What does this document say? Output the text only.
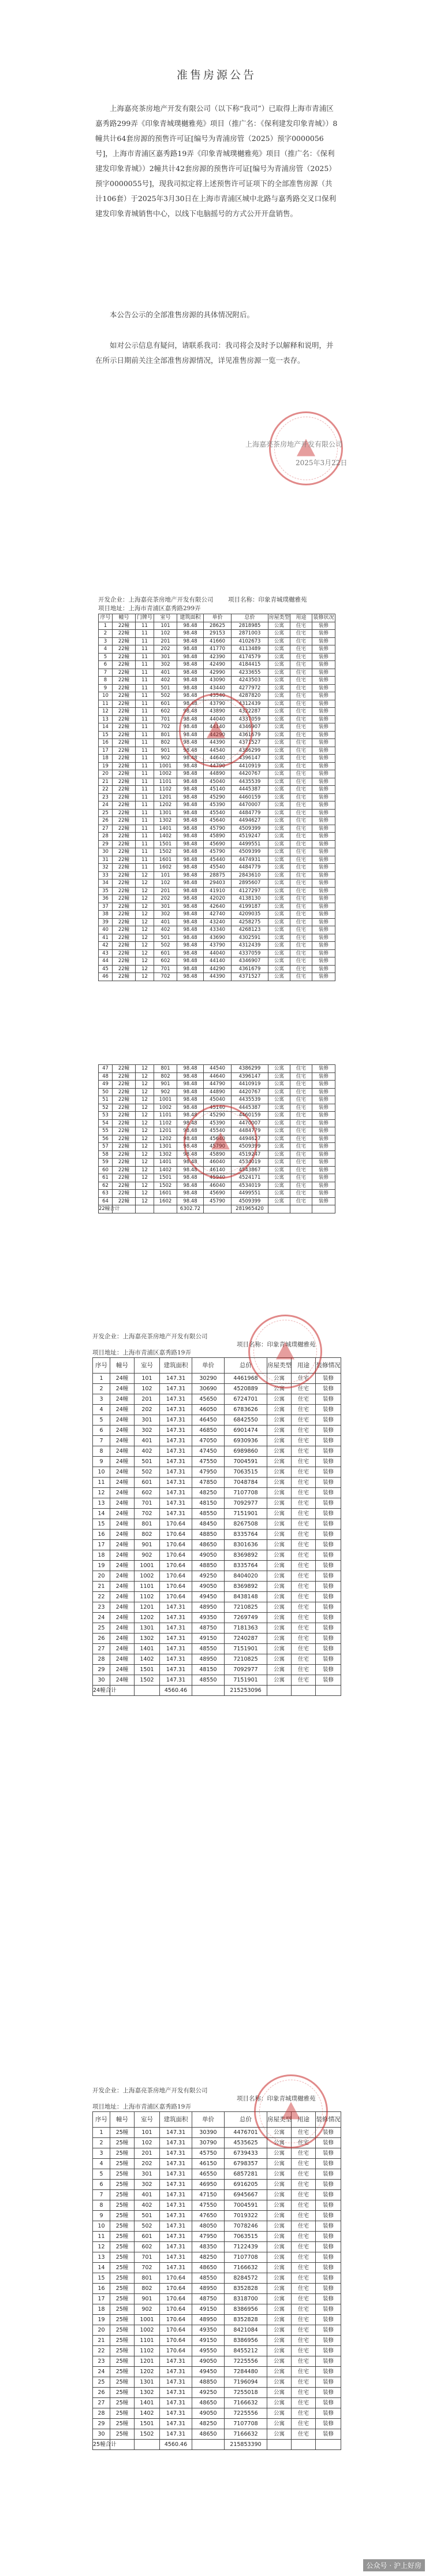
准售房源公告

上海嘉亮茶房地产开发有限公司（以下称“我司”）已取得上海市青浦区嘉秀路299弄《印象青城璞樾雅苑》项目（推广名：《保利建发印象青城》）8幢共计64套房源的预售许可证[编号为青浦房管（2025）预字0000056号]，上海市青浦区嘉秀路19弄《印象青城璞樾雅苑》项目（推广名：《保利建发印象青城》）2幢共计42套房源的预售许可证[编号为青浦房管（2025）预字0000055号]，现我司拟定将上述预售许可证项下的全部准售房源（共计106套）于2025年3月30日在上海市青浦区城中北路与嘉秀路交叉口保利建发印象青城销售中心，以线下电脑摇号的方式公开开盘销售。

本公告公示的全部准售房源的具体情况附后。

如对公示信息有疑问，请联系我司：我司将会及时予以解释和说明，并在所示日期前关注全部准售房源情况，详见准售房源一览一表存。

上海嘉亮茶房地产开发有限公司
2025年3月22日
开发企业：上海嘉亮茶房地产开发有限公司 项目名称：印象青城璞樾雅苑
项目地址：上海市青浦区嘉秀路299弄
序号	幢号	门牌号	室号	建筑面积	单价	总价	房屋类型	用途	装修状况
1	22幢	11	101	98.48	28625	2818985	公寓	住宅	装修
2	22幢	11	102	98.48	29153	2871003	公寓	住宅	装修
3	22幢	11	201	98.48	41660	4102673	公寓	住宅	装修
4	22幢	11	202	98.48	41770	4113489	公寓	住宅	装修
5	22幢	11	301	98.48	42390	4174579	公寓	住宅	装修
6	22幢	11	302	98.48	42490	4184415	公寓	住宅	装修
7	22幢	11	401	98.48	42990	4233655	公寓	住宅	装修
8	22幢	11	402	98.48	43090	4243503	公寓	住宅	装修
9	22幢	11	501	98.48	43440	4277972	公寓	住宅	装修
10	22幢	11	502	98.48	43540	4287820	公寓	住宅	装修
11	22幢	11	601	98.48	43790	4312439	公寓	住宅	装修
12	22幢	11	602	98.48	43890	4322287	公寓	住宅	装修
13	22幢	11	701	98.48	44040	4337059	公寓	住宅	装修
14	22幢	11	702	98.48	44140	4346907	公寓	住宅	装修
15	22幢	11	801	98.48	44290	4361679	公寓	住宅	装修
16	22幢	11	802	98.48	44390	4371527	公寓	住宅	装修
17	22幢	11	901	98.48	44540	4386299	公寓	住宅	装修
18	22幢	11	902	98.48	44640	4396147	公寓	住宅	装修
19	22幢	11	1001	98.48	44790	4410919	公寓	住宅	装修
20	22幢	11	1002	98.48	44890	4420767	公寓	住宅	装修
21	22幢	11	1101	98.48	45040	4435539	公寓	住宅	装修
22	22幢	11	1102	98.48	45140	4445387	公寓	住宅	装修
23	22幢	11	1201	98.48	45290	4460159	公寓	住宅	装修
24	22幢	11	1202	98.48	45390	4470007	公寓	住宅	装修
25	22幢	11	1301	98.48	45540	4484779	公寓	住宅	装修
26	22幢	11	1302	98.48	45640	4494627	公寓	住宅	装修
27	22幢	11	1401	98.48	45790	4509399	公寓	住宅	装修
28	22幢	11	1402	98.48	45890	4519247	公寓	住宅	装修
29	22幢	11	1501	98.48	45690	4499551	公寓	住宅	装修
30	22幢	11	1502	98.48	45790	4509399	公寓	住宅	装修
31	22幢	11	1601	98.48	45440	4474931	公寓	住宅	装修
32	22幢	11	1602	98.48	45540	4484779	公寓	住宅	装修
33	22幢	12	101	98.48	28875	2843610	公寓	住宅	装修
34	22幢	12	102	98.48	29403	2895607	公寓	住宅	装修
35	22幢	12	201	98.48	41910	4127297	公寓	住宅	装修
36	22幢	12	202	98.48	42020	4138130	公寓	住宅	装修
37	22幢	12	301	98.48	42640	4199187	公寓	住宅	装修
38	22幢	12	302	98.48	42740	4209035	公寓	住宅	装修
39	22幢	12	401	98.48	43240	4258275	公寓	住宅	装修
40	22幢	12	402	98.48	43340	4268123	公寓	住宅	装修
41	22幢	12	501	98.48	43690	4302591	公寓	住宅	装修
42	22幢	12	502	98.48	43790	4312439	公寓	住宅	装修
43	22幢	12	601	98.48	44040	4337059	公寓	住宅	装修
44	22幢	12	602	98.48	44140	4346907	公寓	住宅	装修
45	22幢	12	701	98.48	44290	4361679	公寓	住宅	装修
46	22幢	12	702	98.48	44390	4371527	公寓	住宅	装修
47	22幢	12	801	98.48	44540	4386299	公寓	住宅	装修
48	22幢	12	802	98.48	44640	4396147	公寓	住宅	装修
49	22幢	12	901	98.48	44790	4410919	公寓	住宅	装修
50	22幢	12	902	98.48	44890	4420767	公寓	住宅	装修
51	22幢	12	1001	98.48	45040	4435539	公寓	住宅	装修
52	22幢	12	1002	98.48	45140	4445387	公寓	住宅	装修
53	22幢	12	1101	98.48	45290	4460159	公寓	住宅	装修
54	22幢	12	1102	98.48	45390	4470007	公寓	住宅	装修
55	22幢	12	1201	98.48	45540	4484779	公寓	住宅	装修
56	22幢	12	1202	98.48	45640	4494627	公寓	住宅	装修
57	22幢	12	1301	98.48	45790	4509399	公寓	住宅	装修
58	22幢	12	1302	98.48	45890	4519247	公寓	住宅	装修
59	22幢	12	1401	98.48	46040	4534019	公寓	住宅	装修
60	22幢	12	1402	98.48	46140	4543867	公寓	住宅	装修
61	22幢	12	1501	98.48	45940	4524171	公寓	住宅	装修
62	22幢	12	1502	98.48	46040	4534019	公寓	住宅	装修
63	22幢	12	1601	98.48	45690	4499551	公寓	住宅	装修
64	22幢	12	1602	98.48	45790	4509399	公寓	住宅	装修
22幢合计				6302.72		281965420			
开发企业：上海嘉亮茶房地产开发有限公司
项目名称：印象青城璞樾雅苑
项目地址：上海市青浦区嘉秀路19弄
序号	幢号	室号	建筑面积	单价	总价	房屋类型	用途	装修情况
1	24幢	101	147.31	30290	4461968	公寓	住宅	装修
2	24幢	102	147.31	30690	4520889	公寓	住宅	装修
3	24幢	201	147.31	45650	6724701	公寓	住宅	装修
4	24幢	202	147.31	46050	6783626	公寓	住宅	装修
5	24幢	301	147.31	46450	6842550	公寓	住宅	装修
6	24幢	302	147.31	46850	6901474	公寓	住宅	装修
7	24幢	401	147.31	47050	6930936	公寓	住宅	装修
8	24幢	402	147.31	47450	6989860	公寓	住宅	装修
9	24幢	501	147.31	47550	7004591	公寓	住宅	装修
10	24幢	502	147.31	47950	7063515	公寓	住宅	装修
11	24幢	601	147.31	47850	7048784	公寓	住宅	装修
12	24幢	602	147.31	48250	7107708	公寓	住宅	装修
13	24幢	701	147.31	48150	7092977	公寓	住宅	装修
14	24幢	702	147.31	48550	7151901	公寓	住宅	装修
15	24幢	801	170.64	48450	8267508	公寓	住宅	装修
16	24幢	802	170.64	48850	8335764	公寓	住宅	装修
17	24幢	901	170.64	48650	8301636	公寓	住宅	装修
18	24幢	902	170.64	49050	8369892	公寓	住宅	装修
19	24幢	1001	170.64	48850	8335764	公寓	住宅	装修
20	24幢	1002	170.64	49250	8404020	公寓	住宅	装修
21	24幢	1101	170.64	49050	8369892	公寓	住宅	装修
22	24幢	1102	170.64	49450	8438148	公寓	住宅	装修
23	24幢	1201	147.31	48950	7210825	公寓	住宅	装修
24	24幢	1202	147.31	49350	7269749	公寓	住宅	装修
25	24幢	1301	147.31	48750	7181363	公寓	住宅	装修
26	24幢	1302	147.31	49150	7240287	公寓	住宅	装修
27	24幢	1401	147.31	48550	7151901	公寓	住宅	装修
28	24幢	1402	147.31	48950	7210825	公寓	住宅	装修
29	24幢	1501	147.31	48150	7092977	公寓	住宅	装修
30	24幢	1502	147.31	48550	7151901	公寓	住宅	装修
24幢合计			4560.46		215253096			
开发企业：上海嘉亮茶房地产开发有限公司
项目名称：印象青城璞樾雅苑
项目地址：上海市青浦区嘉秀路19弄
序号	幢号	室号	建筑面积	单价	总价	房屋类型	用途	装修情况
1	25幢	101	147.31	30390	4476701	公寓	住宅	装修
2	25幢	102	147.31	30790	4535625	公寓	住宅	装修
3	25幢	201	147.31	45750	6739433	公寓	住宅	装修
4	25幢	202	147.31	46150	6798357	公寓	住宅	装修
5	25幢	301	147.31	46550	6857281	公寓	住宅	装修
6	25幢	302	147.31	46950	6916205	公寓	住宅	装修
7	25幢	401	147.31	47150	6945667	公寓	住宅	装修
8	25幢	402	147.31	47550	7004591	公寓	住宅	装修
9	25幢	501	147.31	47650	7019322	公寓	住宅	装修
10	25幢	502	147.31	48050	7078246	公寓	住宅	装修
11	25幢	601	147.31	47950	7063515	公寓	住宅	装修
12	25幢	602	147.31	48350	7122439	公寓	住宅	装修
13	25幢	701	147.31	48250	7107708	公寓	住宅	装修
14	25幢	702	147.31	48650	7166632	公寓	住宅	装修
15	25幢	801	170.64	48550	8284572	公寓	住宅	装修
16	25幢	802	170.64	48950	8352828	公寓	住宅	装修
17	25幢	901	170.64	48750	8318700	公寓	住宅	装修
18	25幢	902	170.64	49150	8386956	公寓	住宅	装修
19	25幢	1001	170.64	48950	8352828	公寓	住宅	装修
20	25幢	1002	170.64	49350	8421084	公寓	住宅	装修
21	25幢	1101	170.64	49150	8386956	公寓	住宅	装修
22	25幢	1102	170.64	49550	8455212	公寓	住宅	装修
23	25幢	1201	147.31	49050	7225556	公寓	住宅	装修
24	25幢	1202	147.31	49450	7284480	公寓	住宅	装修
25	25幢	1301	147.31	48850	7196094	公寓	住宅	装修
26	25幢	1302	147.31	49250	7255018	公寓	住宅	装修
27	25幢	1401	147.31	48650	7166632	公寓	住宅	装修
28	25幢	1402	147.31	49050	7225556	公寓	住宅	装修
29	25幢	1501	147.31	48250	7107708	公寓	住宅	装修
30	25幢	1502	147.31	48650	7166632	公寓	住宅	装修
25幢合计			4560.46		215853390			
公众号 · 沪上好房
